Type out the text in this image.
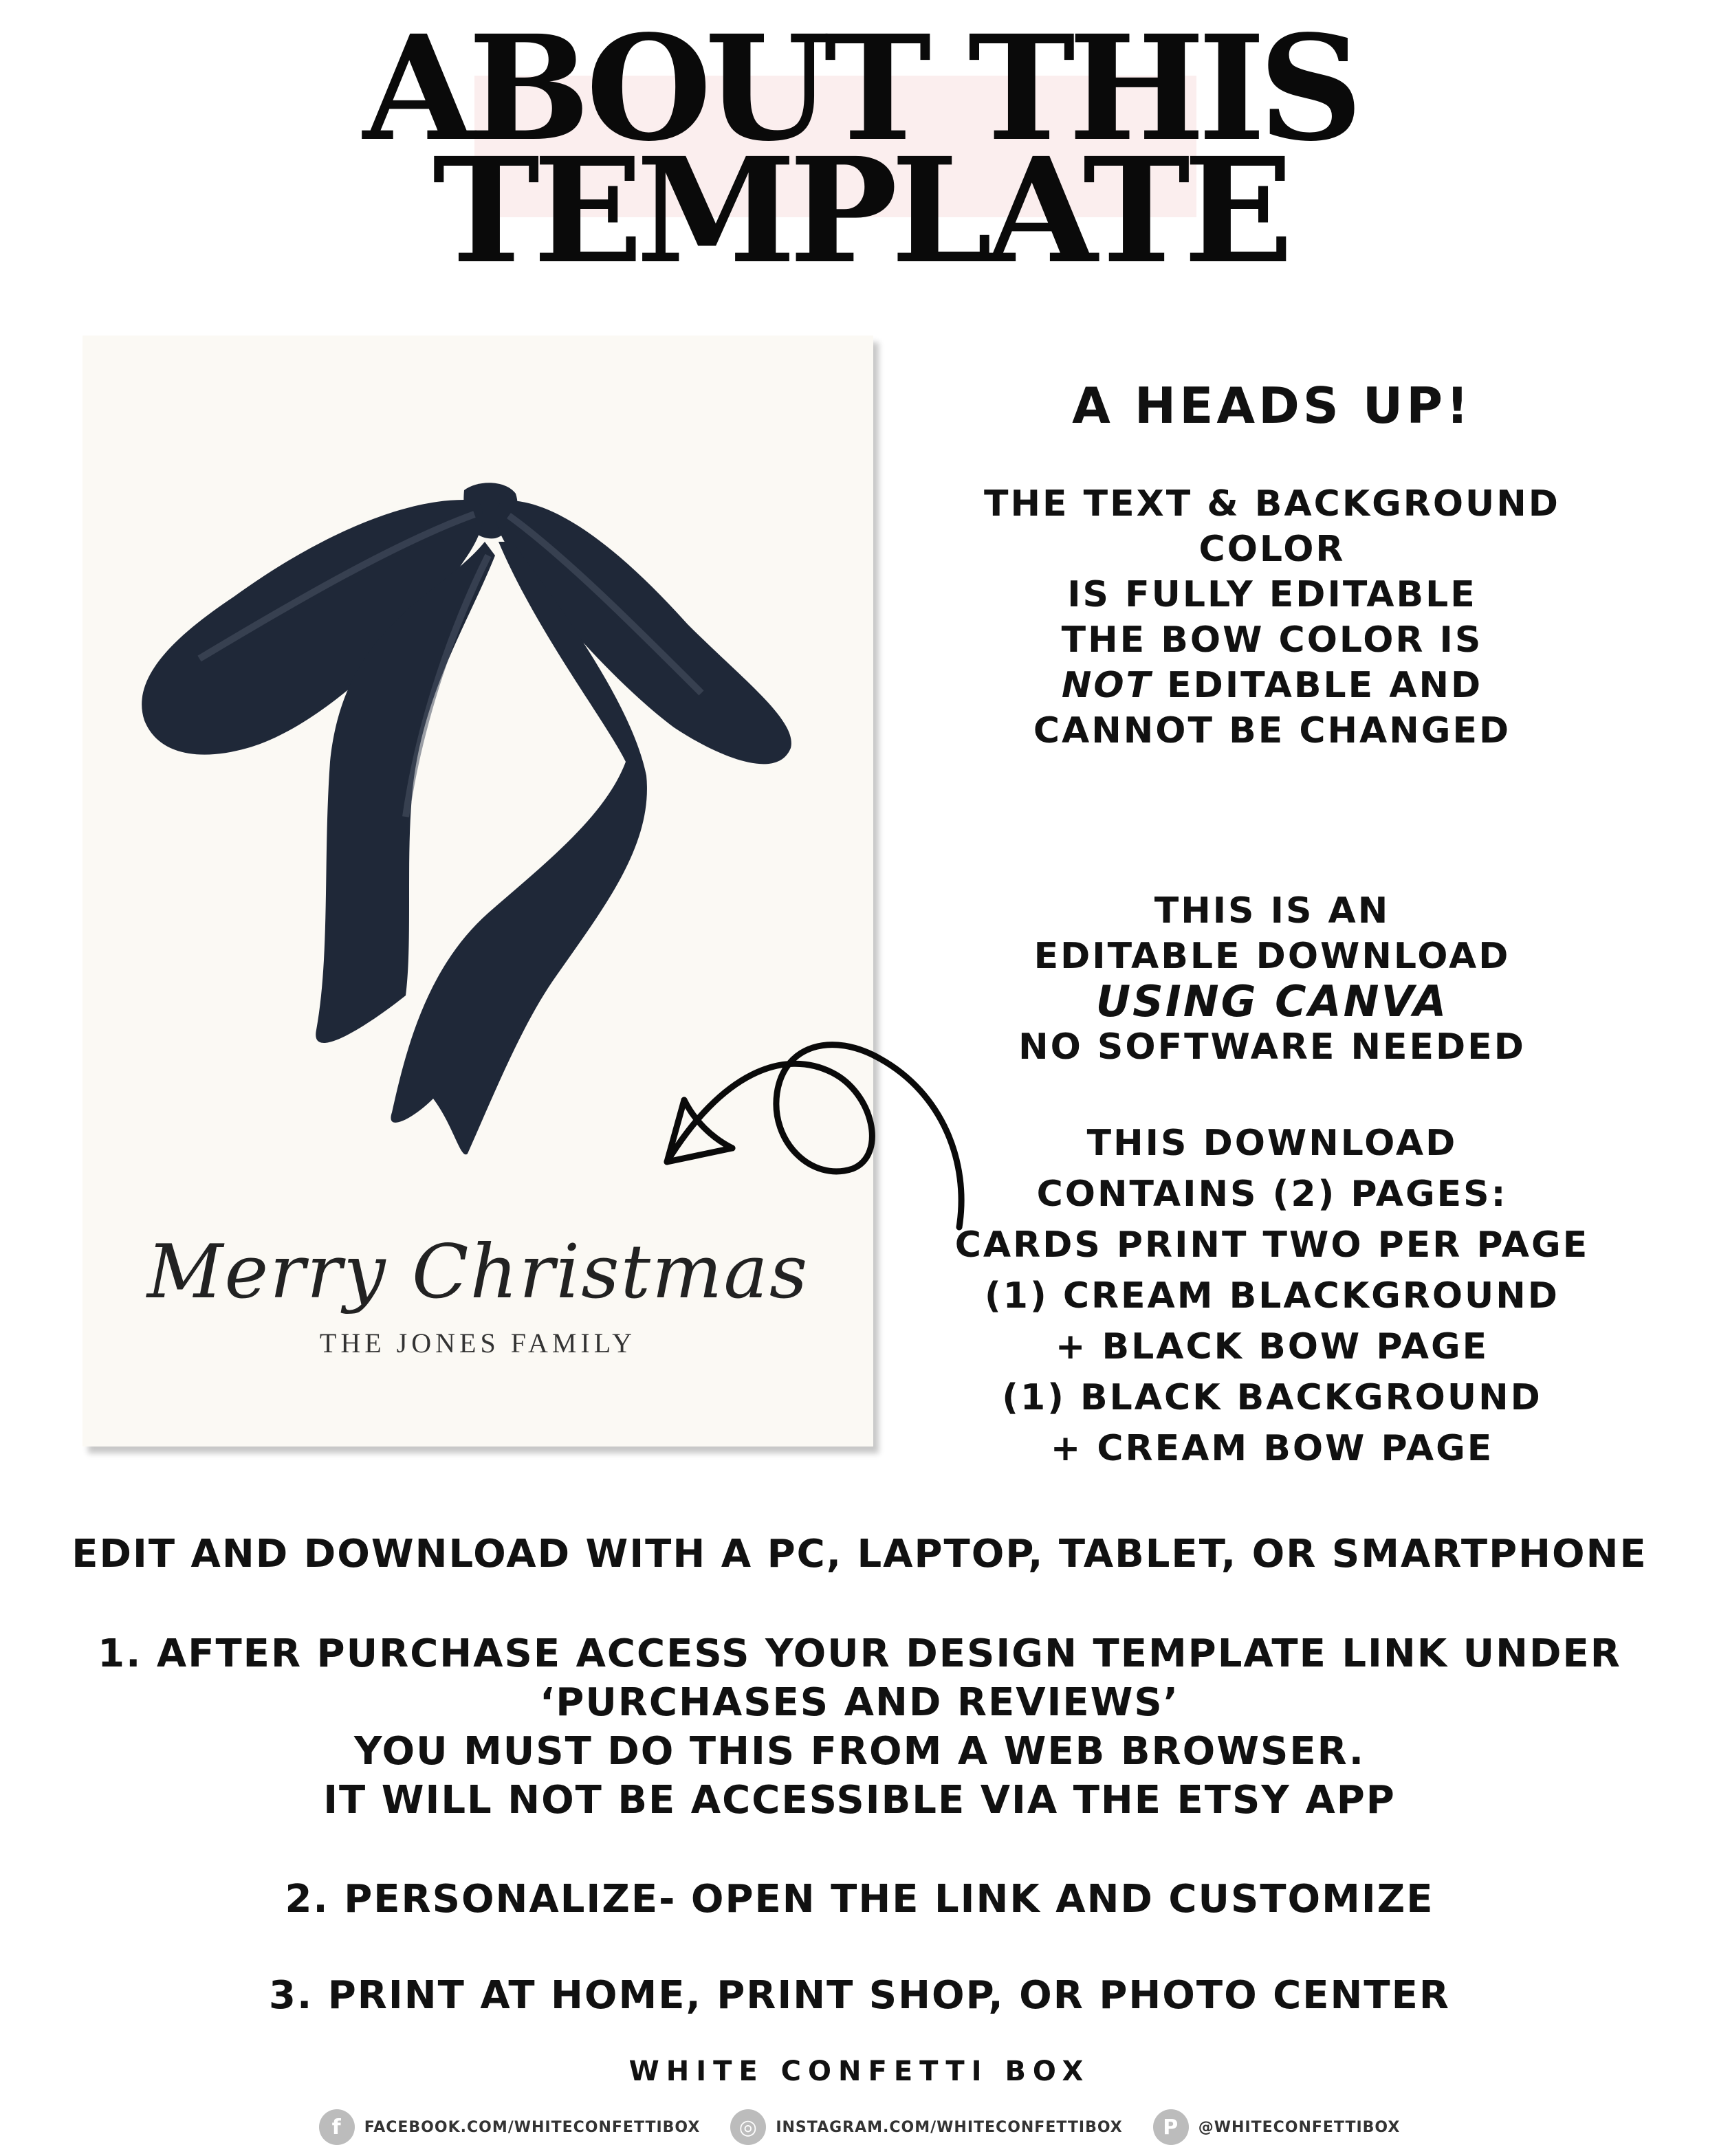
ABOUT THIS
TEMPLATE
Merry Christmas
THE JONES FAMILY
A HEADS UP!
THE TEXT & BACKGROUND COLOR
IS FULLY EDITABLE
THE BOW COLOR IS
NOT EDITABLE AND
CANNOT BE CHANGED
THIS IS AN
EDITABLE DOWNLOAD
USING CANVA
NO SOFTWARE NEEDED
THIS DOWNLOAD
CONTAINS (2) PAGES:
CARDS PRINT TWO PER PAGE
(1) CREAM BLACKGROUND
+ BLACK BOW PAGE
(1) BLACK BACKGROUND
+ CREAM BOW PAGE
EDIT AND DOWNLOAD WITH A PC, LAPTOP, TABLET, OR SMARTPHONE
1. AFTER PURCHASE ACCESS YOUR DESIGN TEMPLATE LINK UNDER
‘PURCHASES AND REVIEWS’
YOU MUST DO THIS FROM A WEB BROWSER.
IT WILL NOT BE ACCESSIBLE VIA THE ETSY APP
2. PERSONALIZE- OPEN THE LINK AND CUSTOMIZE
3. PRINT AT HOME, PRINT SHOP, OR PHOTO CENTER
WHITE CONFETTI BOX
f	FACEBOOK.COM/WHITECONFETTIBOX	◎	INSTAGRAM.COM/WHITECONFETTIBOX	P	@WHITECONFETTIBOX
